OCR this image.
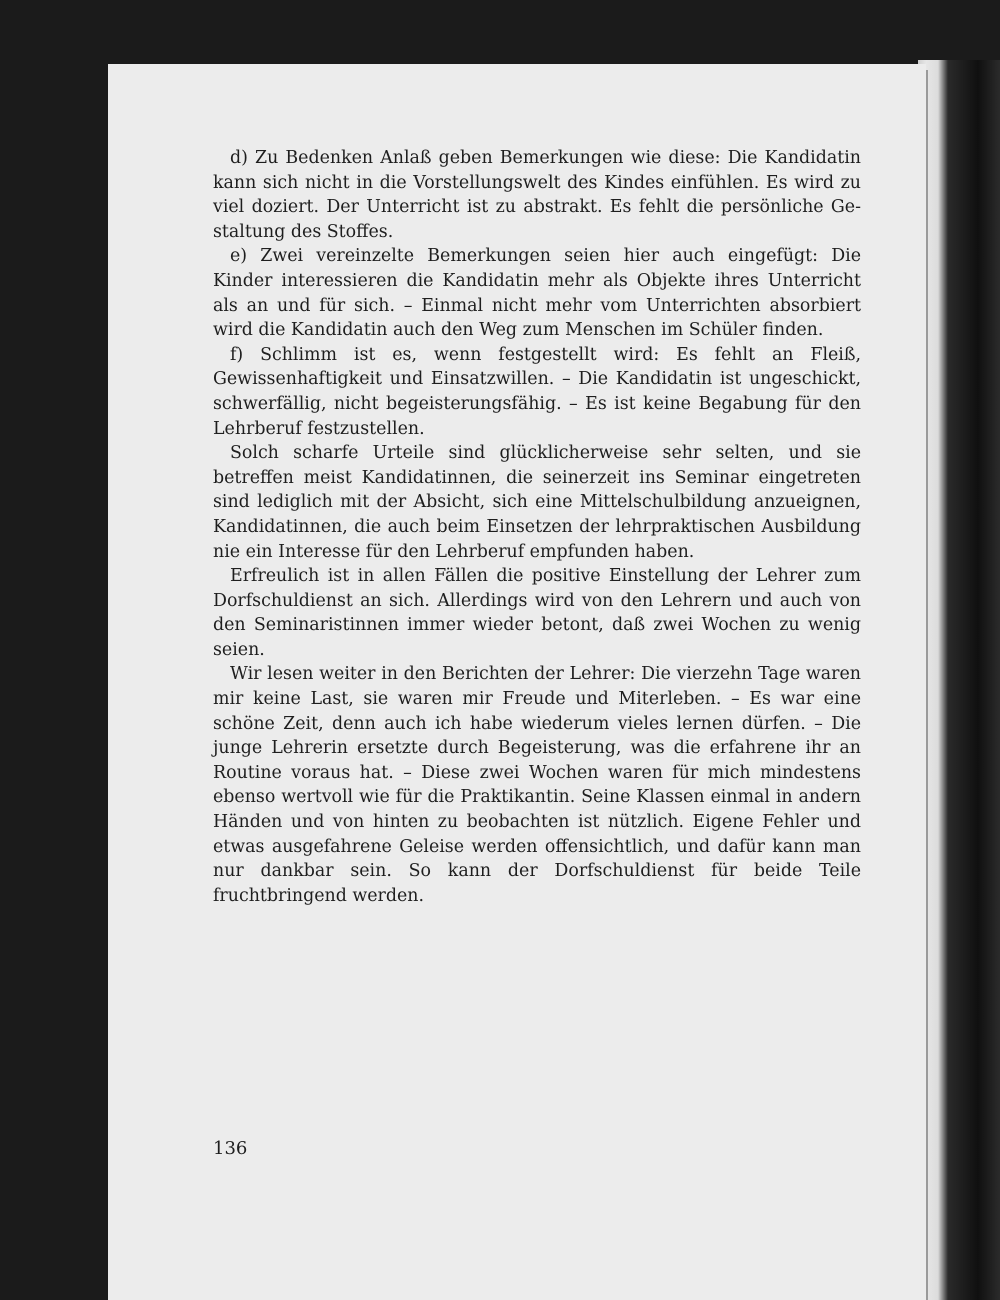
d) Zu Bedenken Anlaß geben Bemerkungen wie diese: Die Kandidatin kann sich nicht in die Vorstellungswelt des Kindes einfühlen. Es wird zu viel doziert. Der Unterricht ist zu abstrakt. Es fehlt die persönliche Gestaltung des Stoffes.

e) Zwei vereinzelte Bemerkungen seien hier auch eingefügt: Die Kinder interessieren die Kandidatin mehr als Objekte ihres Unterricht als an und für sich. – Einmal nicht mehr vom Unterrichten absorbiert wird die Kandidatin auch den Weg zum Menschen im Schüler finden.

f) Schlimm ist es, wenn festgestellt wird: Es fehlt an Fleiß, Gewissenhaftigkeit und Einsatzwillen. – Die Kandidatin ist ungeschickt, schwerfällig, nicht begeisterungsfähig. – Es ist keine Begabung für den Lehrberuf festzustellen.

Solch scharfe Urteile sind glücklicherweise sehr selten, und sie betreffen meist Kandidatinnen, die seinerzeit ins Seminar eingetreten sind lediglich mit der Absicht, sich eine Mittelschulbildung anzueignen, Kandidatinnen, die auch beim Einsetzen der lehrpraktischen Ausbildung nie ein Interesse für den Lehrberuf empfunden haben.

Erfreulich ist in allen Fällen die positive Einstellung der Lehrer zum Dorfschuldienst an sich. Allerdings wird von den Lehrern und auch von den Seminaristinnen immer wieder betont, daß zwei Wochen zu wenig seien.

Wir lesen weiter in den Berichten der Lehrer: Die vierzehn Tage waren mir keine Last, sie waren mir Freude und Miterleben. – Es war eine schöne Zeit, denn auch ich habe wiederum vieles lernen dürfen. – Die junge Lehrerin ersetzte durch Begeisterung, was die erfahrene ihr an Routine voraus hat. – Diese zwei Wochen waren für mich mindestens ebenso wertvoll wie für die Praktikantin. Seine Klassen einmal in andern Händen und von hinten zu beobachten ist nützlich. Eigene Fehler und etwas ausgefahrene Geleise werden offensichtlich, und dafür kann man nur dankbar sein. So kann der Dorfschuldienst für beide Teile fruchtbringend werden.

136
